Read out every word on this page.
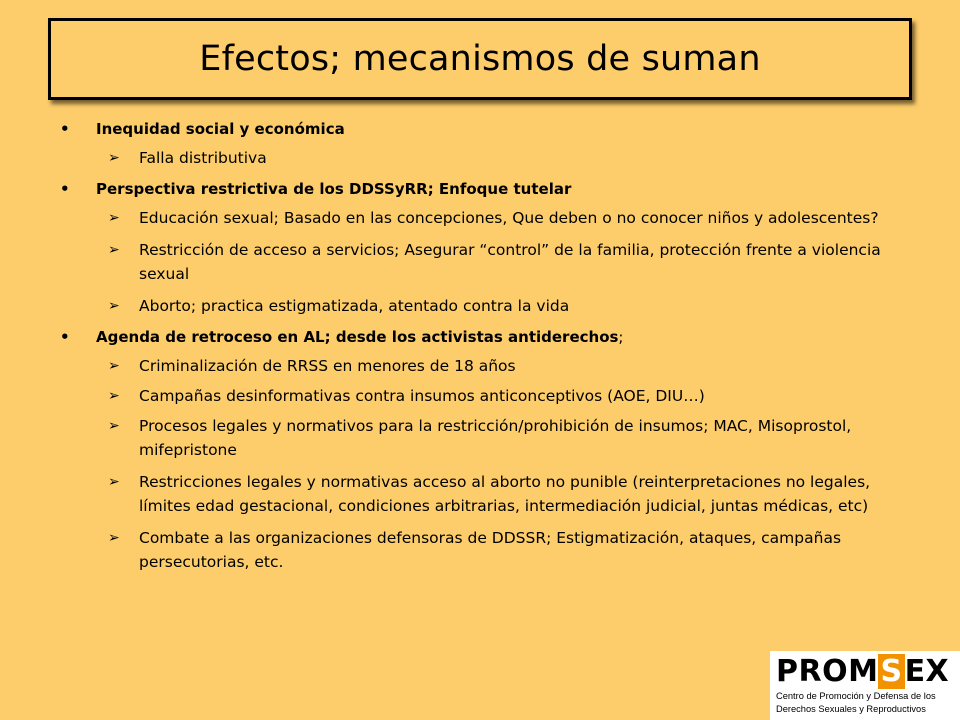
Efectos; mecanismos de suman
• Inequidad social y económica
➢ Falla distributiva
• Perspectiva restrictiva de los DDSSyRR; Enfoque tutelar
➢ Educación sexual; Basado en las concepciones, Que deben o no conocer niños y adolescentes?
➢ Restricción de acceso a servicios; Asegurar “control” de la familia, protección frente a violencia sexual
➢ Aborto; practica estigmatizada, atentado contra la vida
• Agenda de retroceso en AL; desde los activistas antiderechos;
➢ Criminalización de RRSS en menores de 18 años
➢ Campañas desinformativas contra insumos anticonceptivos (AOE, DIU…)
➢ Procesos legales y normativos para la restricción/prohibición de insumos; MAC, Misoprostol, mifepristone
➢ Restricciones legales y normativas acceso al aborto no punible (reinterpretaciones no legales, límites edad gestacional, condiciones arbitrarias, intermediación judicial, juntas médicas, etc)
➢ Combate a las organizaciones defensoras de DDSSR; Estigmatización, ataques, campañas persecutorias, etc.
PROMSEX
Centro de Promoción y Defensa de los
Derechos Sexuales y Reproductivos
